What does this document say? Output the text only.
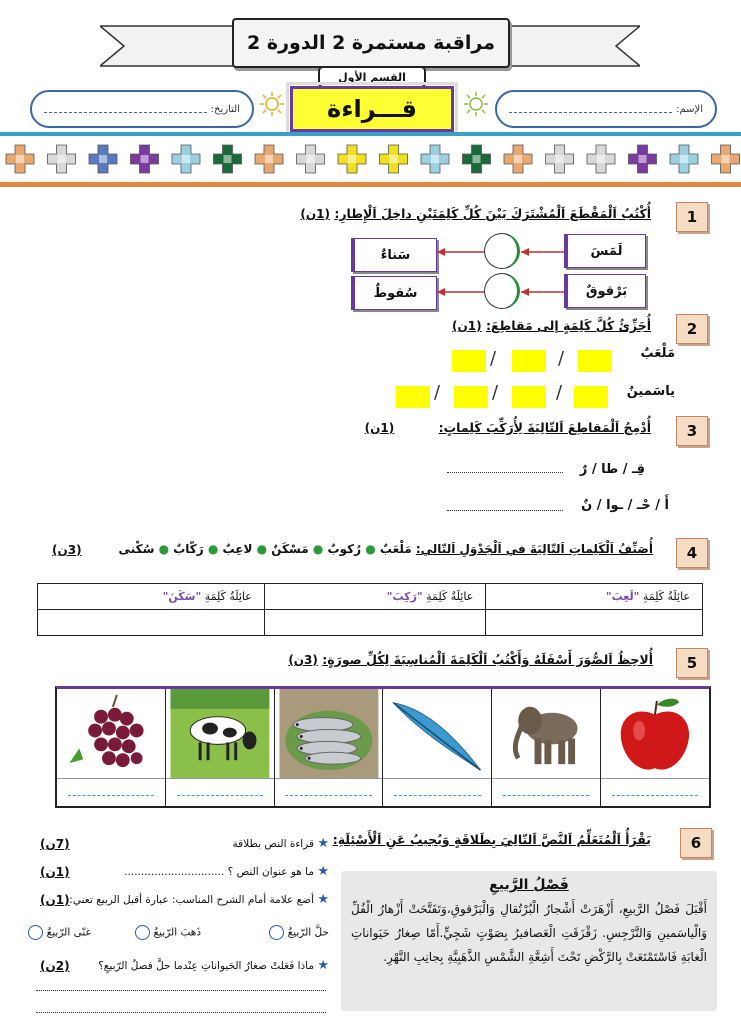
مراقبة مستمرة 2 الدورة 2
القسم الأول
قـــراءة
التاريخ:	الإسم:
1
أُكْتُبُ اَلْمَقْطَعَ اَلْمُشْتَرَكَ بَيْنَ كُلِّ كَلِمَتَيْنِ داخِلَ اَلْإِطارِ: (1ن)
لَمَسَ
سَناءٌ
بَرْقوقٌ
سُقوطٌ
2
أُجَزِّئُ كُلَّ كَلِمَةٍ إلى مَقاطِعَ: (1ن)
مَلْعَبٌ
/
/
ياسَمينٌ
/
/
/
3
أُدْمِجُ اَلْمَقاطِعَ اَلتّالِيَةَ لِأُرَكِّبَ كَلِماتٍ: (1ن)
قِـ / طا / رٌ
أَ / حْـ / ـوا / نٌ
4
أُصَنِّفُ اَلْكَلِماتِ اَلتّالِيَةَ في اَلْجَدْوَلِ اَلتّالي: مَلْعَبٌ ● رُكوبٌ ● مَسْكَنٌ ● لاعِبٌ ● رَكّابٌ ● سُكْنى
(3ن)
عائِلَةُ كَلِمَةِ "سَكَنَ"	عائِلَةُ كَلِمَةِ "رَكِبَ"	عائِلَةُ كَلِمَةِ "لَعِبَ"

5
أُلاحِظُ اَلصُّوَرَ أَسْفَلَهُ وَأَكْتُبُ اَلْكَلِمَةَ اَلْمُناسِبَةَ لِكُلِّ صورَةٍ: (3ن)
6
يَقْرَأُ اَلْمُتَعَلِّمُ اَلنَّصَّ اَلتّالِيَ بِطَلاقَةٍ وَيُجيبُ عَنِ اَلْأَسْئِلَةِ:
فَصْلُ الرَّبيعِ
أَقْبَلَ فَصْلُ الرَّبيعِ، أَزْهَرَتْ أَشْجارُ الْبُرْتُقالِ وَالْبَرْقوقِ،وَتَفَتَّحَتْ أَزْهارُ الْفُلِّ وَالْياسَمينِ وَالنَّرْجِسِ. زَقْزَقَتِ الْعَصافيرُ بِصَوْتٍ شَجِيٍّ.أَمّا صِغارُ حَيَواناتِ الْغابَةِ فَاسْتَمْتَعَتْ بِالرَّكْضِ تَحْتَ أَشِعَّةِ الشَّمْسِ الذَّهَبِيَّةِ بِجانِبِ النَّهْرِ.
★ قراءة النص بطلاقة
(7ن)
★ ما هو عنوان النص ؟ ..............................
(1ن)
★ أضع علامة أمام الشرح المناسب: عبارة أقبل الربيع تعني:
(1ن)
حلَّ الرّبيعُ
ذَهبَ الرّبيعُ
غنّى الرّبيعُ
★ ماذا فَعَلتْ صغارُ الحَيواناتِ عِنْدما حلَّ فصلُ الرّبيعِ؟
(2ن)
